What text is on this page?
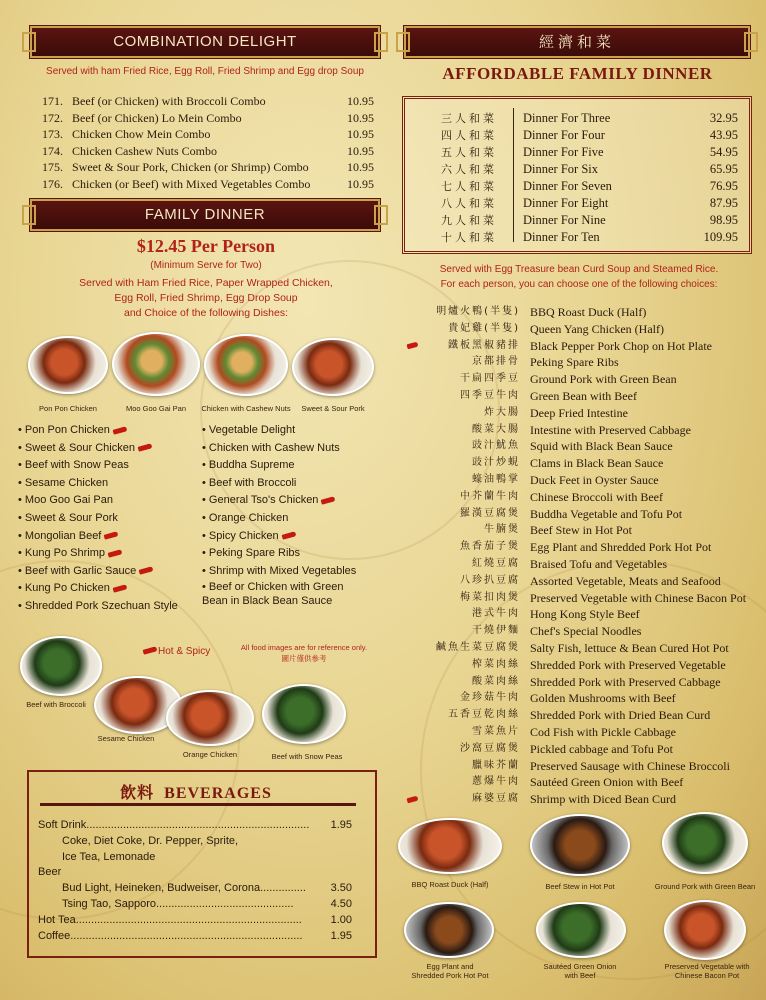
COMBINATION DELIGHT
Served with ham Fried Rice, Egg Roll, Fried Shrimp and Egg drop Soup
171. Beef (or Chicken) with Broccoli Combo	10.95
172. Beef (or Chicken) Lo Mein Combo	10.95
173. Chicken Chow Mein Combo	10.95
174. Chicken Cashew Nuts Combo	10.95
175. Sweet & Sour Pork, Chicken (or Shrimp) Combo	10.95
176. Chicken (or Beef) with Mixed Vegetables Combo	10.95
FAMILY DINNER
$12.45 Per Person
(Minimum Serve for Two)
Served with Ham Fried Rice, Paper Wrapped Chicken,
Egg Roll, Fried Shrimp, Egg Drop Soup
and Choice of the following Dishes:
Pon Pon Chicken	Moo Goo Gai Pan	Chicken with Cashew Nuts	Sweet & Sour Pork
• Pon Pon Chicken
• Sweet & Sour Chicken
• Beef with Snow Peas
• Sesame Chicken
• Moo Goo Gai Pan
• Sweet & Sour Pork
• Mongolian Beef
• Kung Po Shrimp
• Beef with Garlic Sauce
• Kung Po Chicken
• Shredded Pork Szechuan Style
• Vegetable Delight
• Chicken with Cashew Nuts
• Buddha Supreme
• Beef with Broccoli
• General Tso's Chicken
• Orange Chicken
• Spicy Chicken
• Peking Spare Ribs
• Shrimp with Mixed Vegetables
• Beef or Chicken with Green Bean in Black Bean Sauce
Hot & Spicy	All food images are for reference only.
圖片僅供參考
Beef with Broccoli
Sesame Chicken
Orange Chicken	Beef with Snow Peas
飲料 BEVERAGES
Soft Drink.........................................................................	1.95
Coke, Diet Coke, Dr. Pepper, Sprite,
Ice Tea, Lemonade
Beer
Bud Light, Heineken, Budweiser, Corona...............	3.50
Tsing Tao, Sapporo.............................................	4.50
Hot Tea..........................................................................	1.00
Coffee............................................................................	1.95
經濟和菜
AFFORDABLE FAMILY DINNER
三人和菜	Dinner For Three	32.95
四人和菜	Dinner For Four	43.95
五人和菜	Dinner For Five	54.95
六人和菜	Dinner For Six	65.95
七人和菜	Dinner For Seven	76.95
八人和菜	Dinner For Eight	87.95
九人和菜	Dinner For Nine	98.95
十人和菜	Dinner For Ten	109.95
Served with Egg Treasure bean Curd Soup and Steamed Rice.
For each person, you can choose one of the following choices:
明爐火鴨(半隻) BBQ Roast Duck (Half)
貴妃雞(半隻) Queen Yang Chicken (Half)
鐵板黑椒豬排 Black Pepper Pork Chop on Hot Plate
京都排骨 Peking Spare Ribs
干扁四季豆 Ground Pork with Green Bean
四季豆牛肉 Green Bean with Beef
炸大腸 Deep Fried Intestine
酸菜大腸 Intestine with Preserved Cabbage
豉汁魷魚 Squid with Black Bean Sauce
豉汁炒蜆 Clams in Black Bean Sauce
蠔油鴨掌 Duck Feet in Oyster Sauce
中芥蘭牛肉 Chinese Broccoli with Beef
羅漢豆腐煲 Buddha Vegetable and Tofu Pot
牛腩煲 Beef Stew in Hot Pot
魚香茄子煲 Egg Plant and Shredded Pork Hot Pot
紅燒豆腐 Braised Tofu and Vegetables
八珍扒豆腐 Assorted Vegetable, Meats and Seafood
梅菜扣肉煲 Preserved Vegetable with Chinese Bacon Pot
港式牛肉 Hong Kong Style Beef
干燒伊麵 Chef's Special Noodles
鹹魚生菜豆腐煲 Salty Fish, lettuce & Bean Cured Hot Pot
榨菜肉絲 Shredded Pork with Preserved Vegetable
酸菜肉絲 Shredded Pork with Preserved Cabbage
金珍菇牛肉 Golden Mushrooms with Beef
五香豆乾肉絲 Shredded Pork with Dried Bean Curd
雪菜魚片 Cod Fish with Pickle Cabbage
沙窩豆腐煲 Pickled cabbage and Tofu Pot
臘味芥蘭 Preserved Sausage with Chinese Broccoli
蔥爆牛肉 Sautéed Green Onion with Beef
麻婆豆腐 Shrimp with Diced Bean Curd
BBQ Roast Duck (Half)	Beef Stew in Hot Pot	Ground Pork with Green Bean
Egg Plant and
Shredded Pork Hot Pot
Sautéed Green Onion
with Beef
Preserved Vegetable with
Chinese Bacon Pot
